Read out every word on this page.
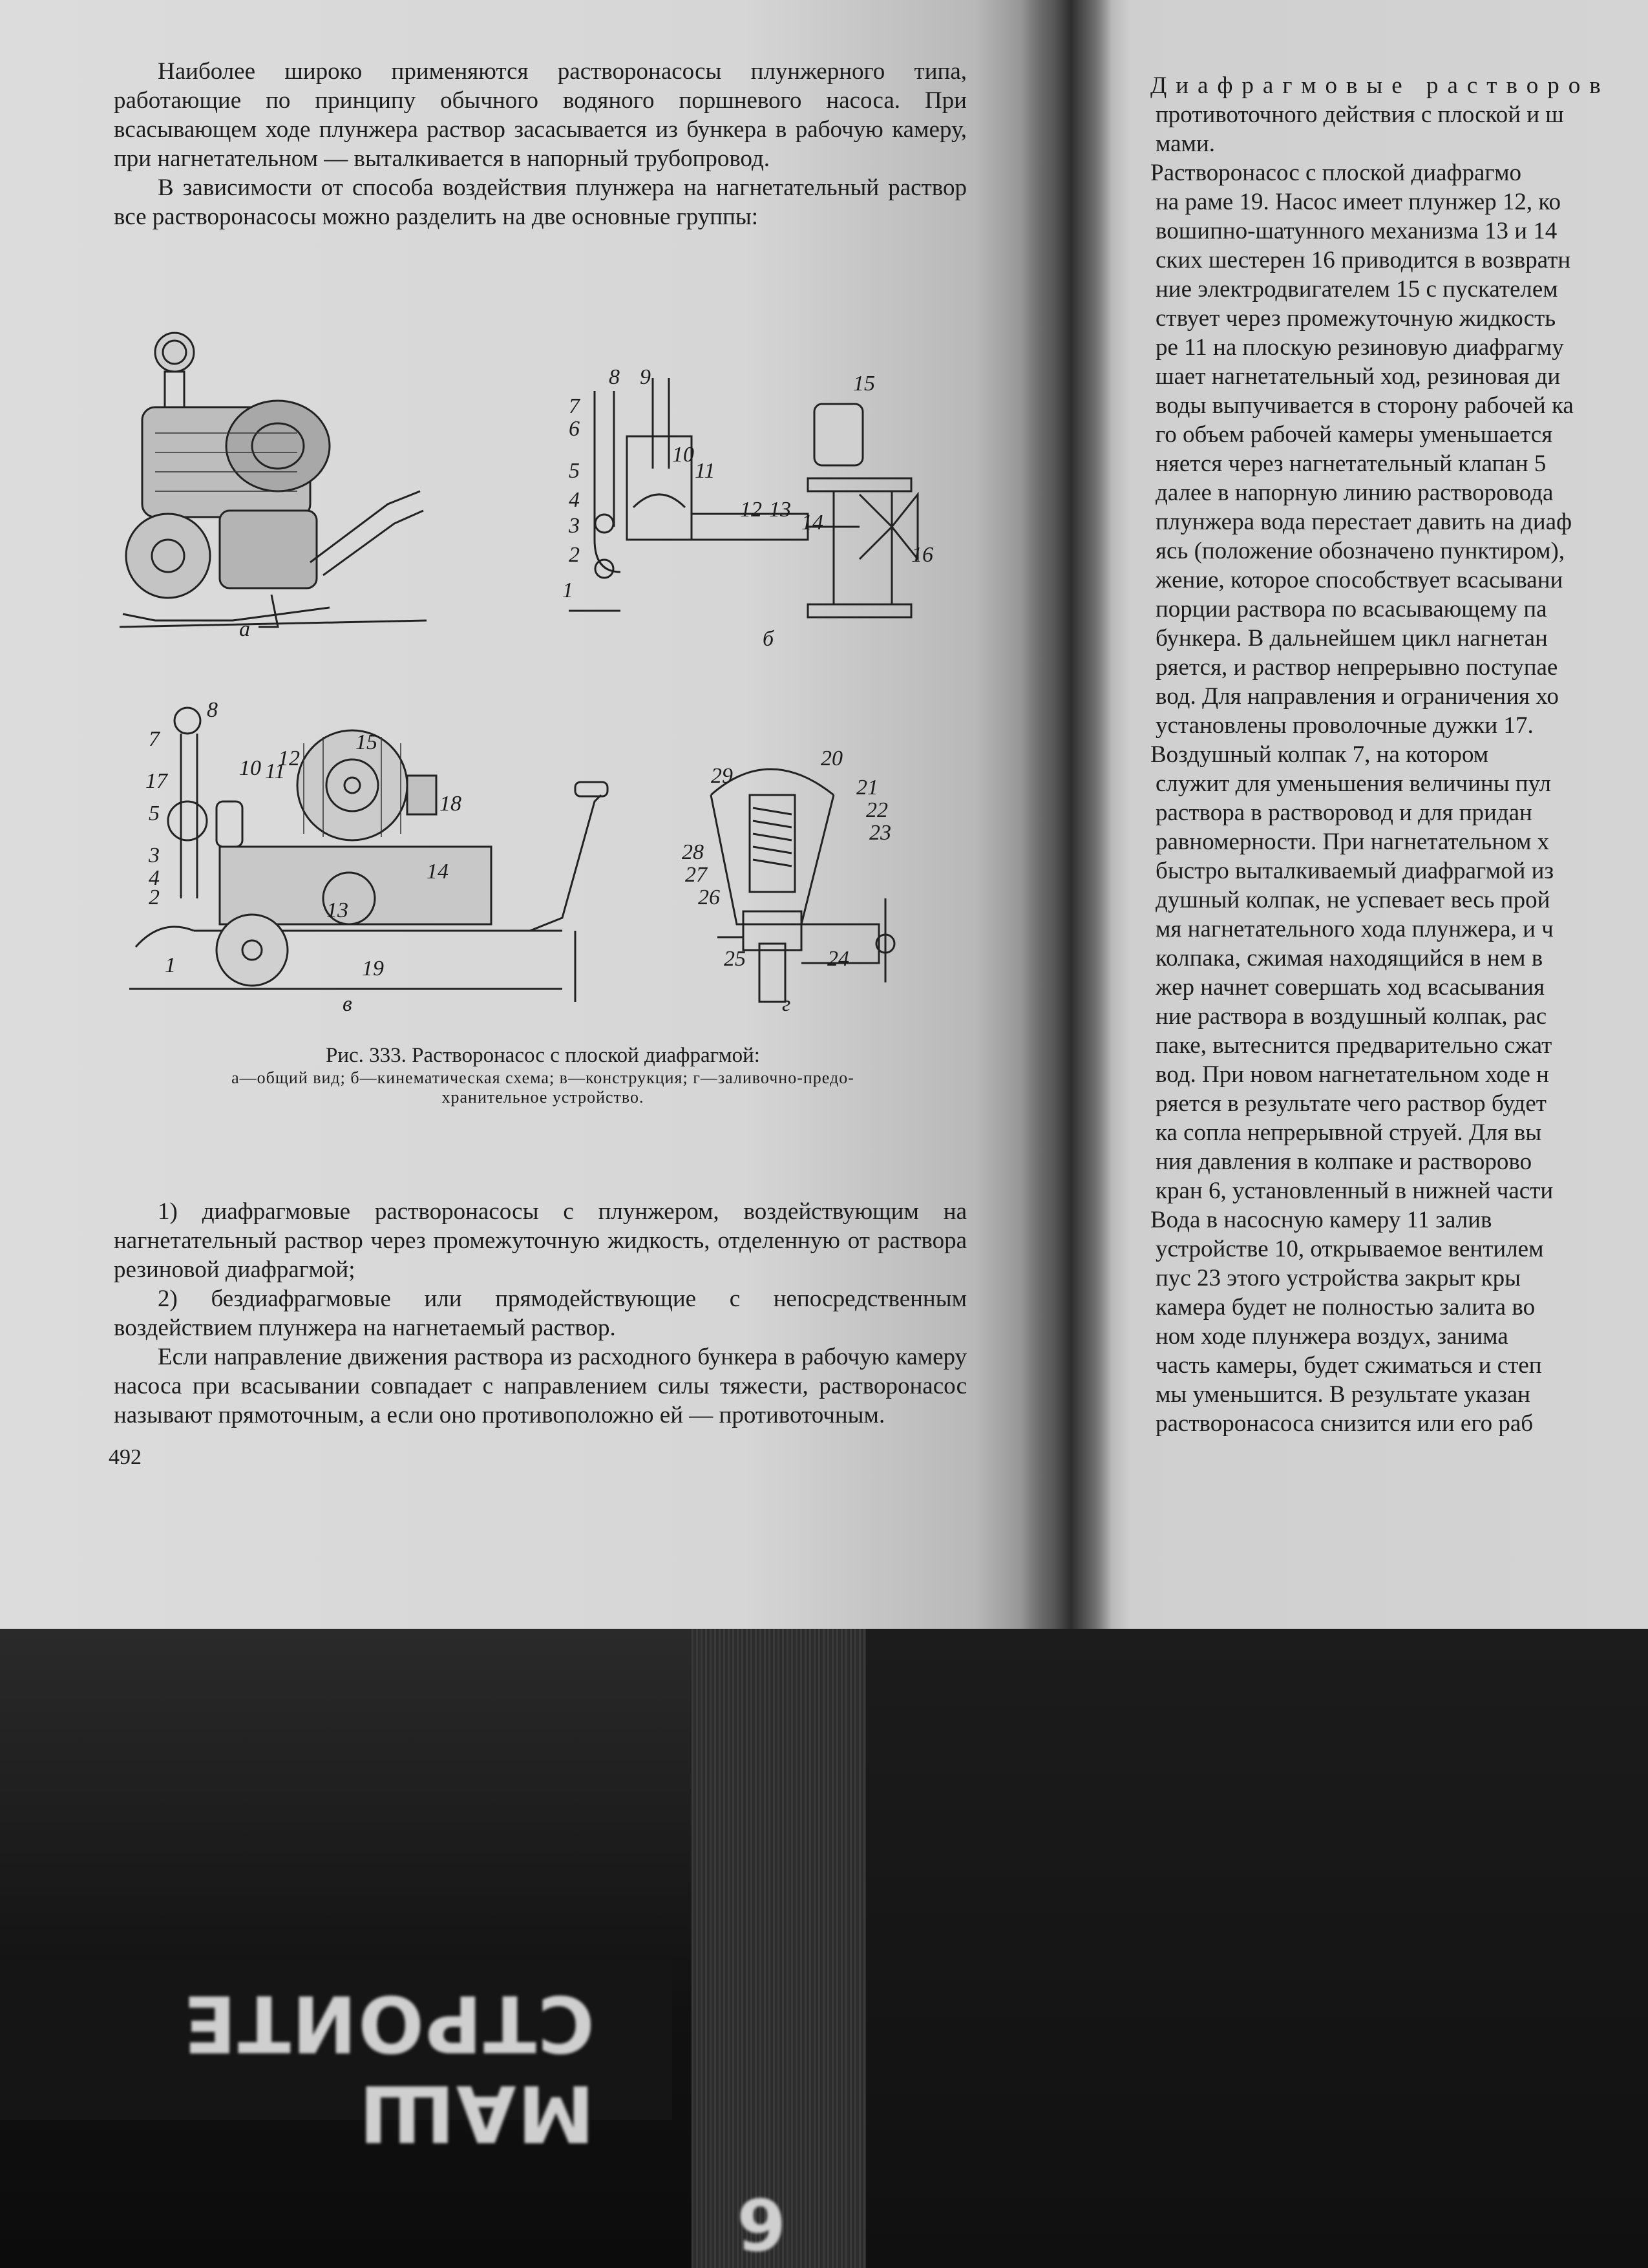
Наиболее широко применяются растворонасосы плунжерного типа, работающие по принципу обычного водяного поршневого насоса. При всасывающем ходе плунжера раствор засасывается из бункера в рабочую камеру, при нагнетательном — выталкивается в напорный трубопровод.

В зависимости от способа воздействия плунжера на нагнетательный раствор все растворонасосы можно разделить на две основные группы:

а
8 9
7
6
5
4
3
2
1
10
11
12 13
14
15
16
б
8
7
17
5
3
4
2
1
10 11
12
15
18
14
13
19
в
29
20
21
22
23
28
27
26
25	24
г
Рис. 333. Растворонасос с плоской диафрагмой:
а—общий вид; б—кинематическая схема; в—конструкция; г—заливочно-предо-
хранительное устройство.

1) диафрагмовые растворонасосы с плунжером, воздействующим на нагнетательный раствор через промежуточную жидкость, отделенную от раствора резиновой диафрагмой;

2) бездиафрагмовые или прямодействующие с непосредственным воздействием плунжера на нагнетаемый раствор.

Если направление движения раствора из расходного бункера в рабочую камеру насоса при всасывании совпадает с направлением силы тяжести, растворонасос называют прямоточным, а если оно противоположно ей — противоточным.

492

Диафрагмовые растворов

противоточного действия с плоской и ш

мами.

Растворонасос с плоской диафрагмо

на раме 19. Насос имеет плунжер 12, ко

вошипно-шатунного механизма 13 и 14

ских шестерен 16 приводится в возвратн

ние электродвигателем 15 с пускателем

ствует через промежуточную жидкость

ре 11 на плоскую резиновую диафрагму

шает нагнетательный ход, резиновая ди

воды выпучивается в сторону рабочей ка

го объем рабочей камеры уменьшается

няется через нагнетательный клапан 5

далее в напорную линию растворовода

плунжера вода перестает давить на диаф

ясь (положение обозначено пунктиром),

жение, которое способствует всасывани

порции раствора по всасывающему па

бункера. В дальнейшем цикл нагнетан

ряется, и раствор непрерывно поступае

вод. Для направления и ограничения хо

установлены проволочные дужки 17.

Воздушный колпак 7, на котором

служит для уменьшения величины пул

раствора в растворовод и для придан

равномерности. При нагнетательном х

быстро выталкиваемый диафрагмой из

душный колпак, не успевает весь прой

мя нагнетательного хода плунжера, и ч

колпака, сжимая находящийся в нем в

жер начнет совершать ход всасывания

ние раствора в воздушный колпак, рас

паке, вытеснится предварительно сжат

вод. При новом нагнетательном ходе н

ряется в результате чего раствор будет

ка сопла непрерывной струей. Для вы

ния давления в колпаке и растворово

кран 6, установленный в нижней части

Вода в насосную камеру 11 залив

устройстве 10, открываемое вентилем

пус 23 этого устройства закрыт кры

камера будет не полностью залита во

ном ходе плунжера воздух, занима

часть камеры, будет сжиматься и степ

мы уменьшится. В результате указан

растворонасоса снизится или его раб

МАШ
СТРОИТЕ
9
